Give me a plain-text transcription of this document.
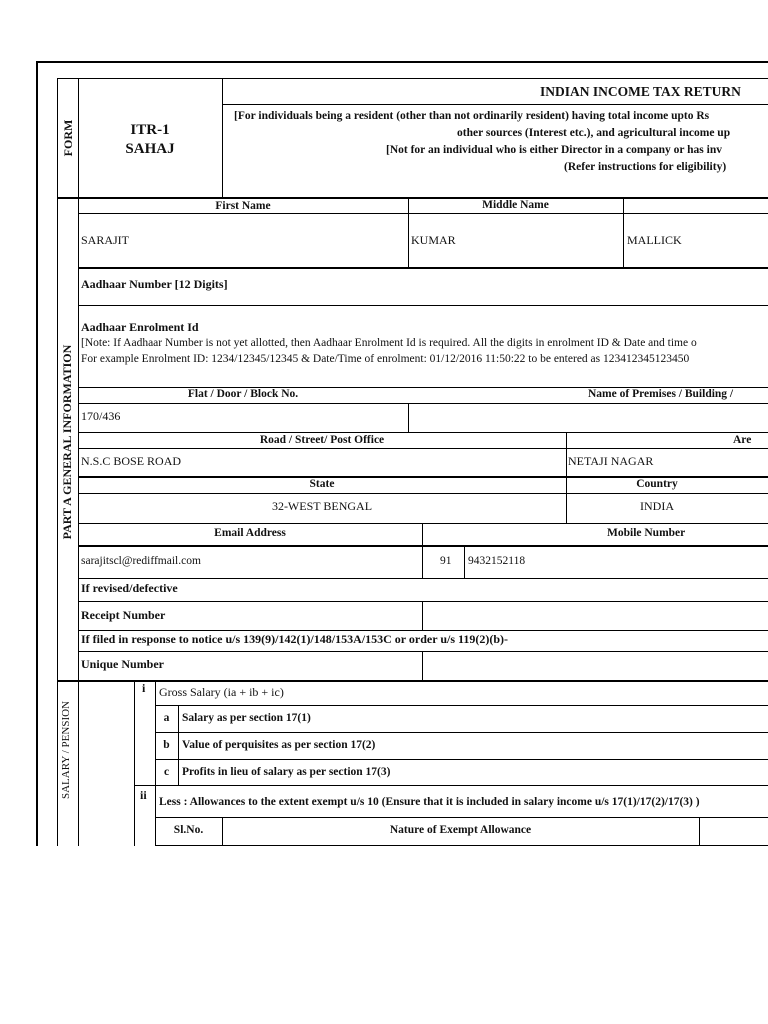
FORM	ITR-1
SAHAJ
INDIAN INCOME TAX RETURN
[For individuals being a resident (other than not ordinarily resident) having total income upto Rs
other sources (Interest etc.), and agricultural income up
[Not for an individual who is either Director in a company or has inv
(Refer instructions for eligibility)
PART A GENERAL INFORMATION
First Name	Middle Name
SARAJIT	KUMAR	MALLICK
Aadhaar Number [12 Digits]
Aadhaar Enrolment Id
[Note: If Aadhaar Number is not yet allotted, then Aadhaar Enrolment Id is required. All the digits in enrolment ID & Date and time o
For example Enrolment ID: 1234/12345/12345 & Date/Time of enrolment: 01/12/2016 11:50:22 to be entered as 123412345123450
Flat / Door / Block No.	Name of Premises / Building /
170/436
Road / Street/ Post Office	Are
N.S.C BOSE ROAD	NETAJI NAGAR
State	Country
32-WEST BENGAL	INDIA
Email Address	Mobile Number
sarajitscl@rediffmail.com	91 9432152118
If revised/defective
Receipt Number
If filed in response to notice u/s 139(9)/142(1)/148/153A/153C or order u/s 119(2)(b)-
Unique Number
SALARY / PENSION
i Gross Salary (ia + ib + ic)
a	Salary as per section 17(1)
b	Value of perquisites as per section 17(2)
c	Profits in lieu of salary as per section 17(3)
ii Less : Allowances to the extent exempt u/s 10 (Ensure that it is included in salary income u/s 17(1)/17(2)/17(3) )
Sl.No.	Nature of Exempt Allowance
